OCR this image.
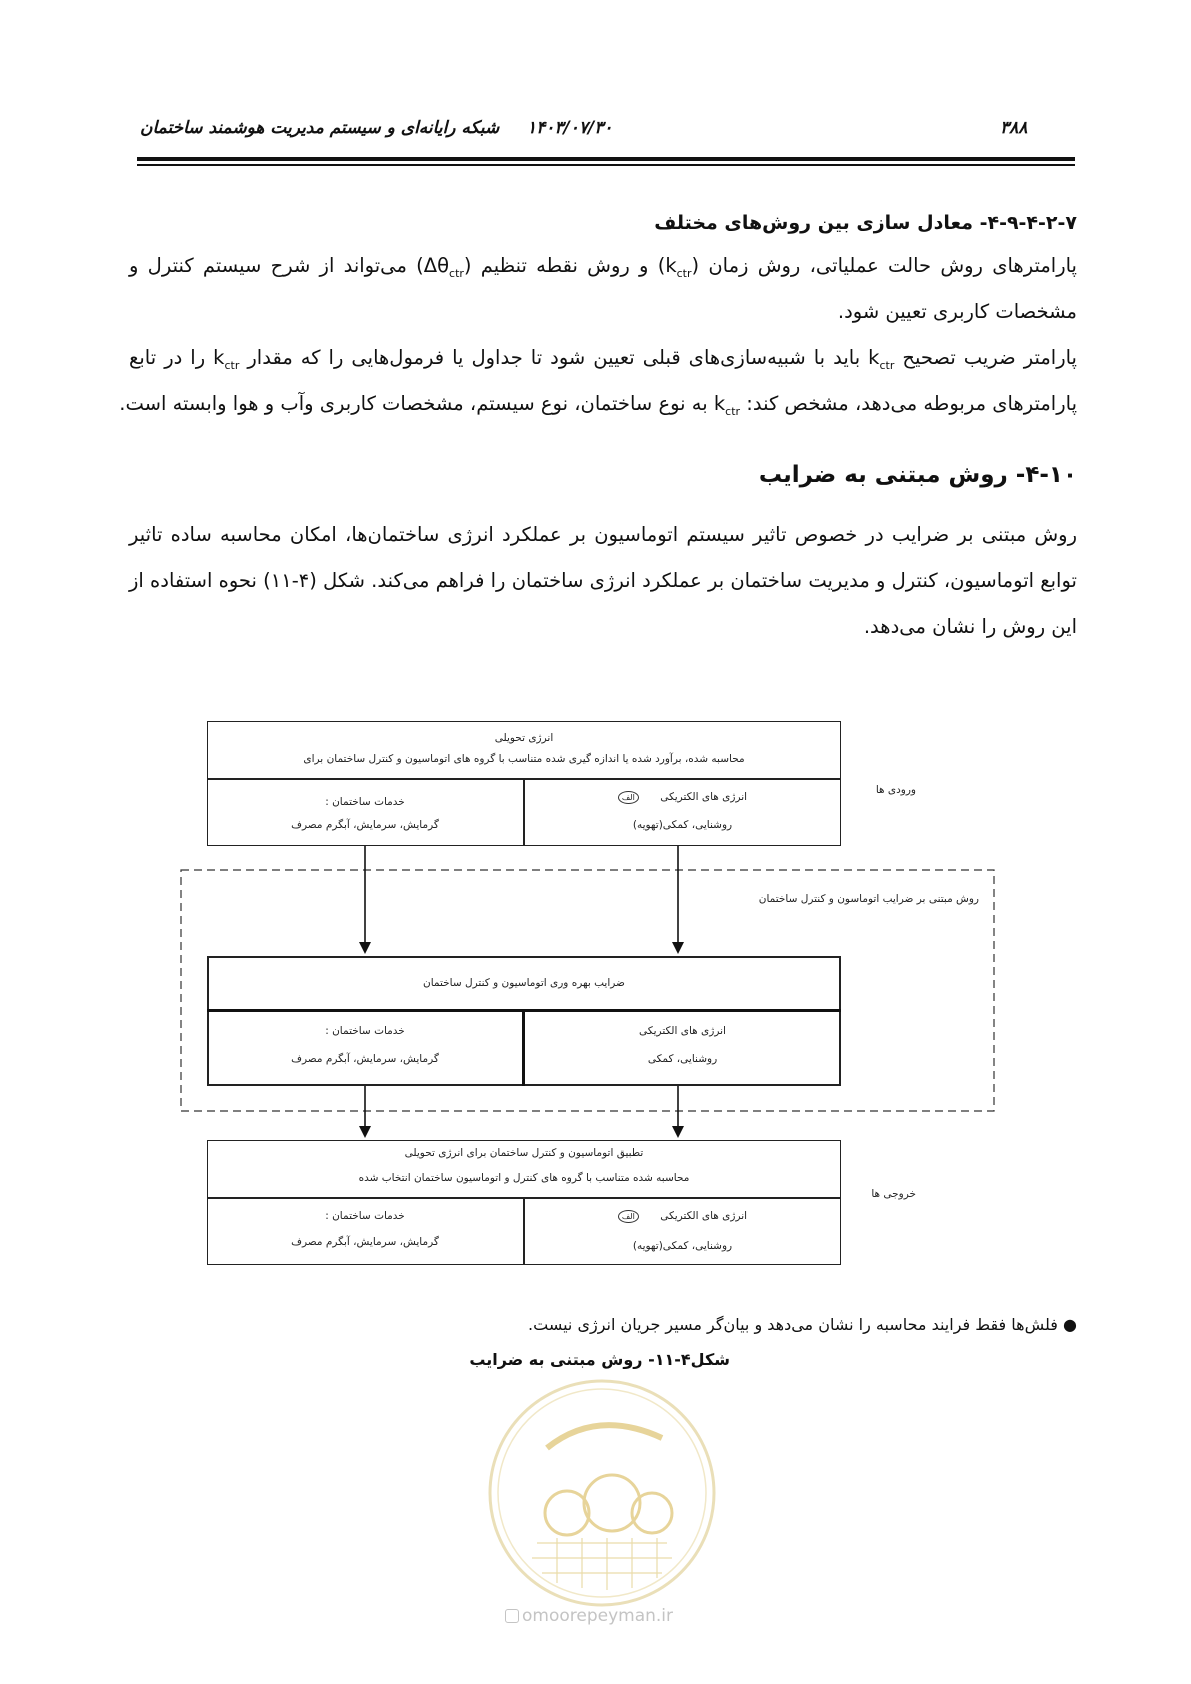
شبکه رایانه‌ای و سیستم مدیریت هوشمند ساختمان ۱۴۰۳/۰۷/۳۰	۳۸۸
۴-۹-۴-۲-۷- معادل سازی بین روش‌های مختلف
پارامترهای روش حالت عملیاتی، روش زمان $(k_{ctr})$ و روش نقطه تنظیم $(\Delta\theta_{ctr})$ می‌تواند از شرح سیستم کنترل و
مشخصات کاربری تعیین شود.
پارامتر ضریب تصحیح $k_{ctr}$ باید با شبیه‌سازی‌های قبلی تعیین شود تا جداول یا فرمول‌هایی را که مقدار $k_{ctr}$ را در تابع
پارامترهای مربوطه می‌دهد، مشخص کند: $k_{ctr}$ به نوع ساختمان، نوع سیستم، مشخصات کاربری وآب و هوا وابسته است.
۴-۱۰- روش مبتنی به ضرایب
روش مبتنی بر ضرایب در خصوص تاثیر سیستم اتوماسیون بر عملکرد انرژی ساختمان‌ها، امکان محاسبه ساده تاثیر
توابع اتوماسیون، کنترل و مدیریت ساختمان بر عملکرد انرژی ساختمان را فراهم می‌کند. شکل (۴-۱۱) نحوه استفاده از
این روش را نشان می‌دهد.
انرژی تحویلی
محاسبه شده، برآورد شده یا اندازه گیری شده متناسب با گروه های اتوماسیون و کنترل ساختمان برای
انرژی های الکتریکی الف
روشنایی، کمکی(تهویه)
خدمات ساختمان :
گرمایش، سرمایش، آبگرم مصرف
ورودی ها
روش مبتنی بر ضرایب اتوماسون و کنترل ساختمان
ضرایب بهره وری اتوماسیون و کنترل ساختمان
انرژی های الکتریکی
روشنایی، کمکی
خدمات ساختمان :
گرمایش، سرمایش، آبگرم مصرف
تطبیق اتوماسیون و کنترل ساختمان برای انرژی تحویلی
محاسبه شده متناسب با گروه های کنترل و اتوماسیون ساختمان انتخاب شده
انرژی های الکتریکی الف
روشنایی، کمکی(تهویه)
خدمات ساختمان :
گرمایش، سرمایش، آبگرم مصرف
خروجی ها
● فلش‌ها فقط فرایند محاسبه را نشان می‌دهد و بیان‌گر مسیر جریان انرژی نیست.
شکل۴-۱۱- روش مبتنی به ضرایب
omoorepeyman.ir
